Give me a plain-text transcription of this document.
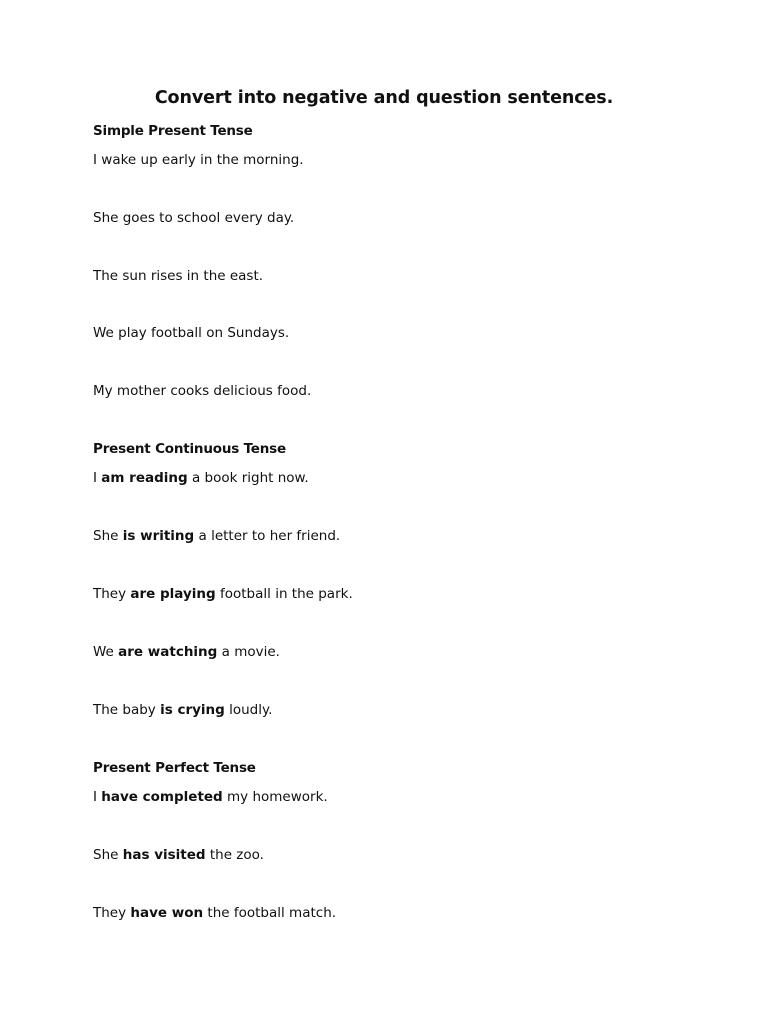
Convert into negative and question sentences.
Simple Present Tense
I wake up early in the morning.
She goes to school every day.
The sun rises in the east.
We play football on Sundays.
My mother cooks delicious food.
Present Continuous Tense
I am reading a book right now.
She is writing a letter to her friend.
They are playing football in the park.
We are watching a movie.
The baby is crying loudly.
Present Perfect Tense
I have completed my homework.
She has visited the zoo.
They have won the football match.
